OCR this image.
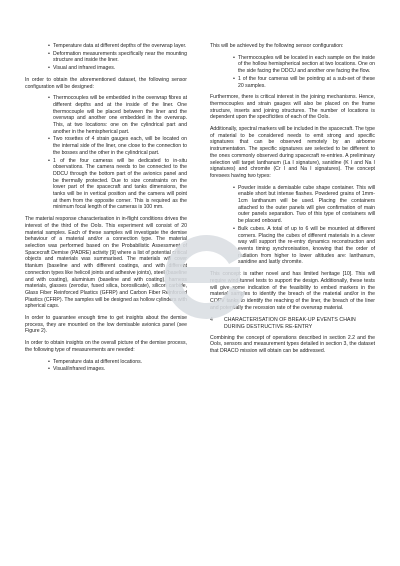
• Temperature data at different depths of the overwrap layer.
• Deformation measurements specifically near the mounting structure and inside the liner.
• Visual and infrared images.

In order to obtain the aforementioned dataset, the following sensor configuration will be designed:

• Thermocouples will be embedded in the overwrap fibres at different depths and at the inside of the liner. One thermocouple will be placed between the liner and the overwrap and another one embedded in the overwrap. This, at two locations: one on the cylindrical part and another in the hemispherical part.
• Two rosettes of 4 strain gauges each, will be located on the internal side of the liner, one close to the connection to the bosses and the other in the cylindrical part.
• 1 of the four cameras will be dedicated to in-situ observations. The camera needs to be connected to the DDCU through the bottom part of the avionics panel and be thermally protected. Due to size constraints on the lower part of the spacecraft and tanks dimensions, the tanks will be in vertical position and the camera will point at them from the opposite corner. This is required as the minimum focal length of the cameras is 100 mm.

The material response characterisation in in-flight conditions drives the interest of the third of the OoIs. This experiment will consist of 20 material samples. Each of these samples will investigate the demise behaviour of a material and/or a connection type. The material selection was performed based on the Probabilistic Assessment of Spacecraft Demise (PADRE) activity [9] where a list of potential critical objects and materials was summarised. The materials will cover titanium (baseline and with different coatings, and with different connection types like helicoil joints and adhesive joints), steel (baseline and with coating), aluminium (baseline and with coating), harness materials, glasses (zerodur, fused silica, borosilicate), silicon carbide, Glass Fiber Reinforced Plastics (GFRP) and Carbon Fiber Reinforced Plastics (CFRP). The samples will be designed as hollow cylinders with spherical caps.

In order to guarantee enough time to get insights about the demise process, they are mounted on the low demisable avionics panel (see Figure 2).

In order to obtain insights on the overall picture of the demise process, the following type of measurements are needed:

• Temperature data at different locations.
• Visual/infrared images.

This will be achieved by the following sensor configuration:

• Thermocouples will be located in each sample on the inside of the hollow hemispherical section at two locations. One on the side facing the DDCU and another one facing the flow.
• 1 of the four cameras will be pointing at a sub-set of these 20 samples.

Furthermore, there is critical interest in the joining mechanisms. Hence, thermocouples and strain gauges will also be placed on the frame structure, inserts and joining structures. The number of locations is dependent upon the specificities of each of the OoIs.

Additionally, spectral markers will be included in the spacecraft. The type of material to be considered needs to emit strong and specific signatures that can be observed remotely by an airborne instrumentation. The specific signatures are selected to be different to the ones commonly observed during spacecraft re-entries. A preliminary selection will target lanthanum (La I signature), sanidine (K I and Na I signatures) and chromite (Cr I and Na I signatures). The concept foresees having two types:

• Powder inside a demisable cube shape container. This will enable short but intense flashes. Powdered grains of 1mm-1cm lanthanum will be used. Placing the containers attached to the outer panels will give confirmation of main outer panels separation. Two of this type of containers will be placed onboard.
• Bulk cubes. A total of up to 6 will be mounted at different corners. Placing the cubes of different materials in a clever way will support the re-entry dynamics reconstruction and events timing synchronisation, knowing that the order of radiation from higher to lower altitudes are: lanthanum, sanidine and lastly chromite.

This concept is rather novel and has limited heritage [10]. This will require wind-tunnel tests to support the design. Additionally, these tests will give some indication of the feasibility to embed markers in the material samples to identify the breach of the material and/or in the COPV tanks to identify the reaching of the liner, the breach of the liner and potentially the recession rate of the overwrap material.

4	CHARACTERISATION OF BREAK-UP EVENTS CHAIN DURING DESTRUCTIVE RE-ENTRY

Combining the concept of operations described in section 2.2 and the OoIs, sensors and measurement types detailed in section 3, the dataset that DRACO mission will obtain can be addressed.
